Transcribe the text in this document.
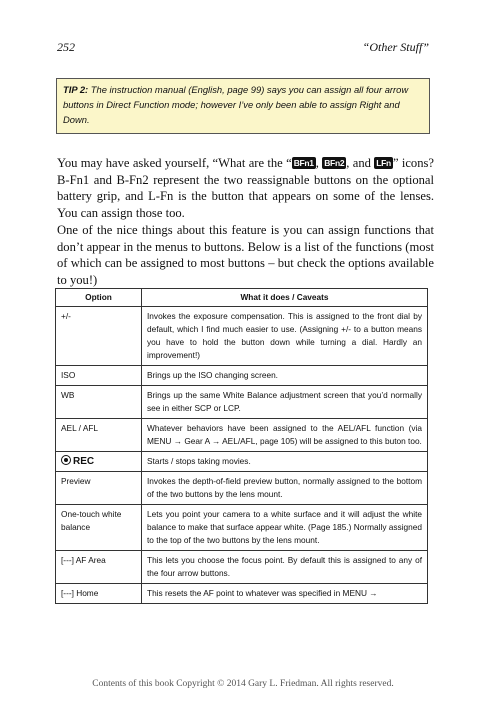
252	“Other Stuff”
TIP 2: The instruction manual (English, page 99) says you can assign all four arrow buttons in Direct Function mode; however I’ve only been able to assign Right and Down.
You may have asked yourself, “What are the “ BFn1 , BFn2 , and LFn ” icons? B-Fn1 and B-Fn2 represent the two reassignable buttons on the optional battery grip, and L-Fn is the button that appears on some of the lenses. You can assign those too.
One of the nice things about this feature is you can assign functions that don’t appear in the menus to buttons. Below is a list of the functions (most of which can be assigned to most buttons – but check the options available to you!)
Option	What it does / Caveats
+/-	Invokes the exposure compensation. This is assigned to the front dial by default, which I find much easier to use. (Assigning +/- to a button means you have to hold the button down while turning a dial. Hardly an improvement!)
ISO	Brings up the ISO changing screen.
WB	Brings up the same White Balance adjustment screen that you’d normally see in either SCP or LCP.
AEL / AFL	Whatever behaviors have been assigned to the AEL/AFL function (via MENU → Gear A → AEL/AFL, page 105) will be assigned to this buton too.
REC	Starts / stops taking movies.
Preview	Invokes the depth-of-field preview button, normally assigned to the bottom of the two buttons by the lens mount.
One-touch white balance	Lets you point your camera to a white surface and it will adjust the white balance to make that surface appear white. (Page 185.) Normally assigned to the top of the two buttons by the lens mount.
[---] AF Area	This lets you choose the focus point. By default this is assigned to any of the four arrow buttons.
[---] Home	This resets the AF point to whatever was specified in MENU →
Contents of this book Copyright © 2014 Gary L. Friedman. All rights reserved.
